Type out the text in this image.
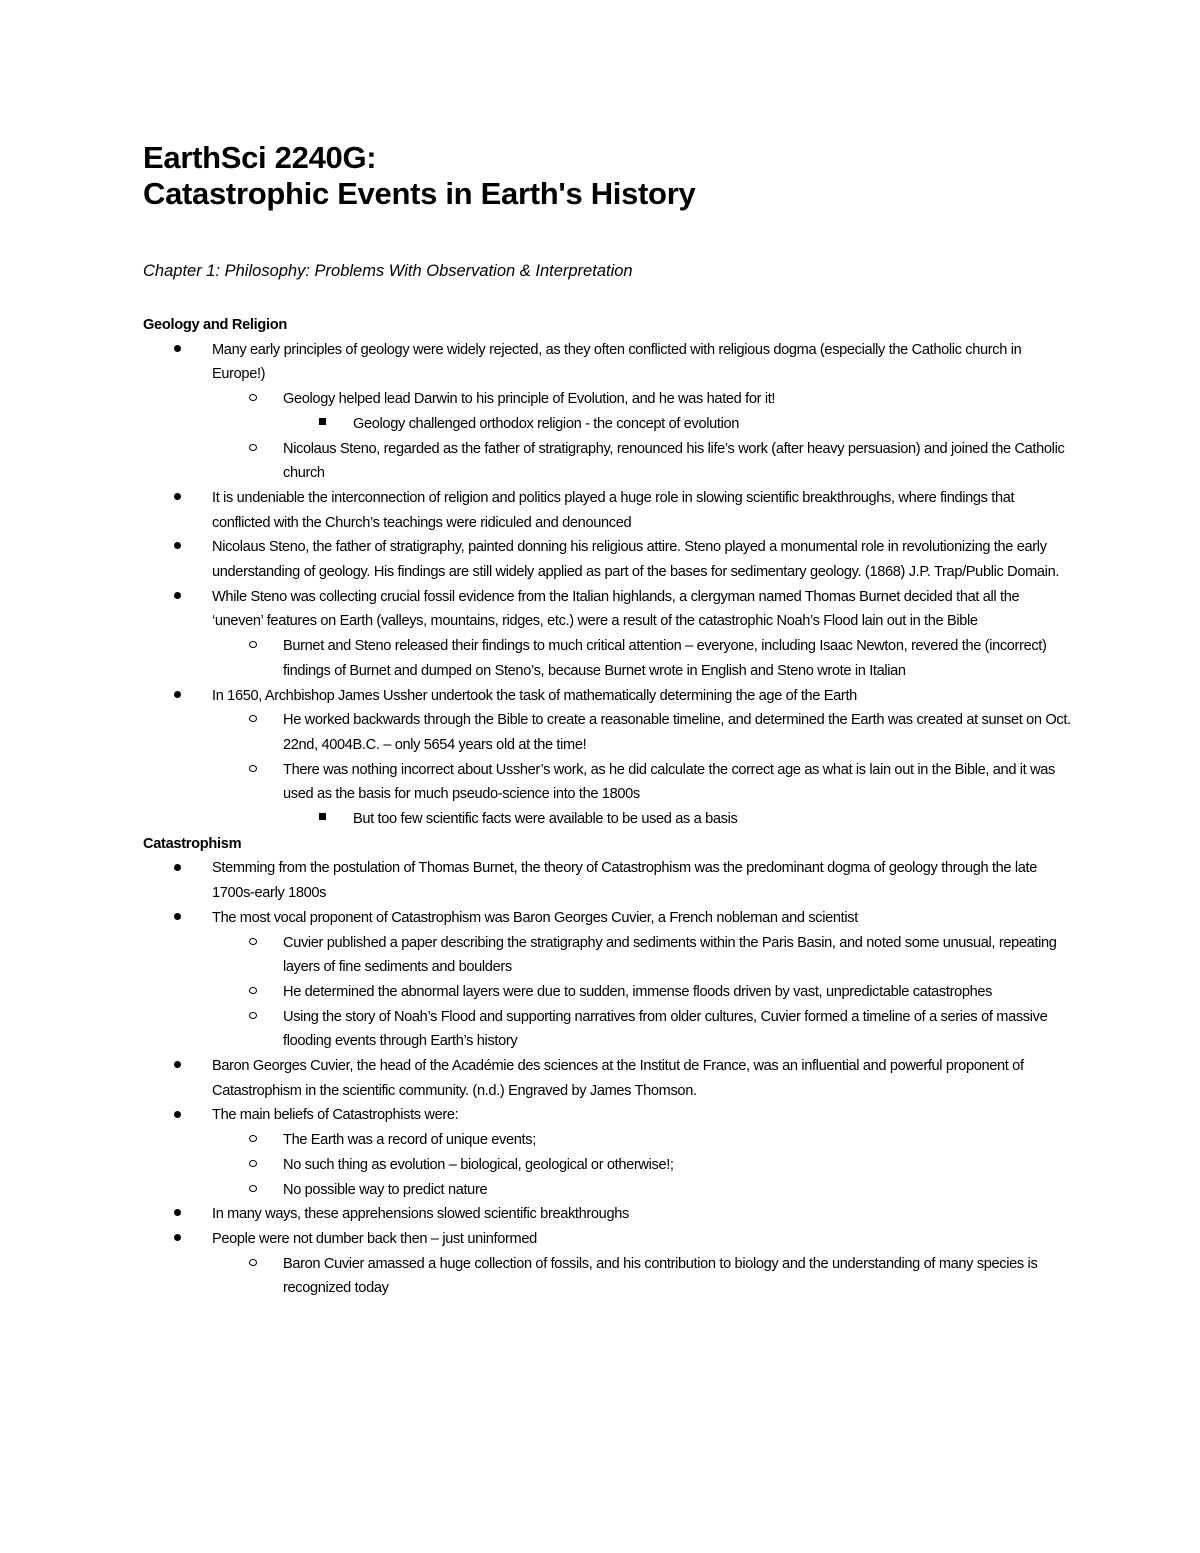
EarthSci 2240G:
Catastrophic Events in Earth's History
Chapter 1: Philosophy: Problems With Observation & Interpretation
Geology and Religion
Many early principles of geology were widely rejected, as they often conflicted with religious dogma (especially the Catholic church in Europe!)
Geology helped lead Darwin to his principle of Evolution, and he was hated for it!
Geology challenged orthodox religion - the concept of evolution
Nicolaus Steno, regarded as the father of stratigraphy, renounced his life’s work (after heavy persuasion) and joined the Catholic church
It is undeniable the interconnection of religion and politics played a huge role in slowing scientific breakthroughs, where findings that conflicted with the Church’s teachings were ridiculed and denounced
Nicolaus Steno, the father of stratigraphy, painted donning his religious attire. Steno played a monumental role in revolutionizing the early understanding of geology. His findings are still widely applied as part of the bases for sedimentary geology. (1868) J.P. Trap/Public Domain.
While Steno was collecting crucial fossil evidence from the Italian highlands, a clergyman named Thomas Burnet decided that all the ‘uneven’ features on Earth (valleys, mountains, ridges, etc.) were a result of the catastrophic Noah’s Flood lain out in the Bible
Burnet and Steno released their findings to much critical attention – everyone, including Isaac Newton, revered the (incorrect) findings of Burnet and dumped on Steno’s, because Burnet wrote in English and Steno wrote in Italian
In 1650, Archbishop James Ussher undertook the task of mathematically determining the age of the Earth
He worked backwards through the Bible to create a reasonable timeline, and determined the Earth was created at sunset on Oct. 22nd, 4004B.C. – only 5654 years old at the time!
There was nothing incorrect about Ussher’s work, as he did calculate the correct age as what is lain out in the Bible, and it was used as the basis for much pseudo-science into the 1800s
But too few scientific facts were available to be used as a basis
Catastrophism
Stemming from the postulation of Thomas Burnet, the theory of Catastrophism was the predominant dogma of geology through the late 1700s-early 1800s
The most vocal proponent of Catastrophism was Baron Georges Cuvier, a French nobleman and scientist
Cuvier published a paper describing the stratigraphy and sediments within the Paris Basin, and noted some unusual, repeating layers of fine sediments and boulders
He determined the abnormal layers were due to sudden, immense floods driven by vast, unpredictable catastrophes
Using the story of Noah’s Flood and supporting narratives from older cultures, Cuvier formed a timeline of a series of massive flooding events through Earth’s history
Baron Georges Cuvier, the head of the Académie des sciences at the Institut de France, was an influential and powerful proponent of Catastrophism in the scientific community. (n.d.) Engraved by James Thomson.
The main beliefs of Catastrophists were:
The Earth was a record of unique events;
No such thing as evolution – biological, geological or otherwise!;
No possible way to predict nature
In many ways, these apprehensions slowed scientific breakthroughs
People were not dumber back then – just uninformed
Baron Cuvier amassed a huge collection of fossils, and his contribution to biology and the understanding of many species is recognized today
